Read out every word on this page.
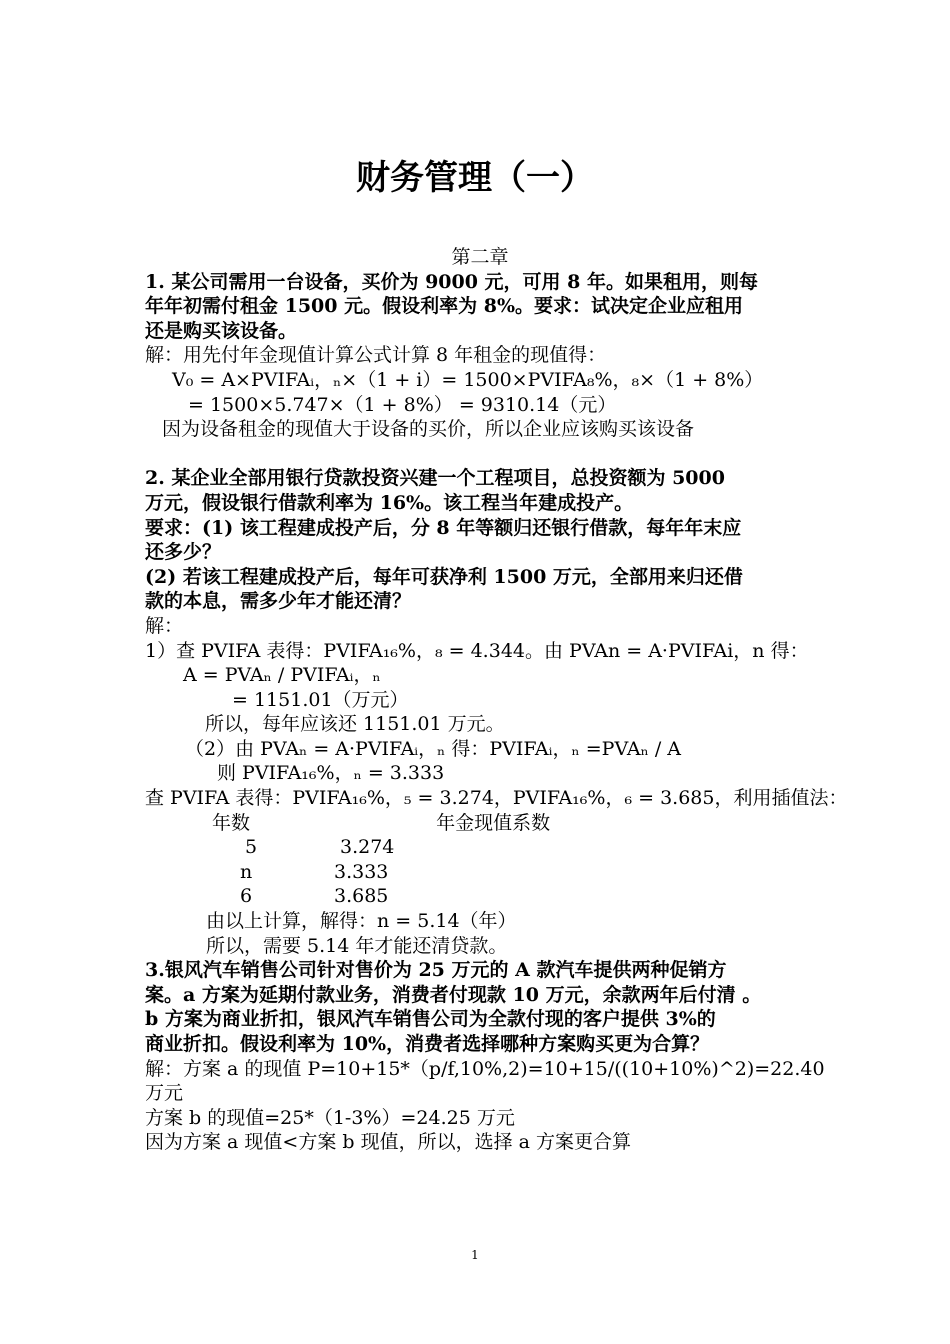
财务管理（一）
第二章
1. 某公司需用一台设备，买价为 9000 元，可用 8 年。如果租用，则每
年年初需付租金 1500 元。假设利率为 8%。要求：试决定企业应租用
还是购买该设备。
解：用先付年金现值计算公式计算 8 年租金的现值得：
V₀ = A×PVIFAᵢ，ₙ×（1 + i）= 1500×PVIFA₈%，₈×（1 + 8%）
= 1500×5.747×（1 + 8%） = 9310.14（元）
因为设备租金的现值大于设备的买价，所以企业应该购买该设备
2. 某企业全部用银行贷款投资兴建一个工程项目，总投资额为 5000
万元，假设银行借款利率为 16%。该工程当年建成投产。
要求：(1) 该工程建成投产后，分 8 年等额归还银行借款，每年年末应
还多少？
(2) 若该工程建成投产后，每年可获净利 1500 万元，全部用来归还借
款的本息，需多少年才能还清？
解：
1）查 PVIFA 表得：PVIFA₁₆%，₈ = 4.344。由 PVAn = A·PVIFAi，n 得：
A = PVAₙ / PVIFAᵢ，ₙ
= 1151.01（万元）
所以，每年应该还 1151.01 万元。
（2）由 PVAₙ = A·PVIFAᵢ，ₙ 得：PVIFAᵢ，ₙ =PVAₙ / A
则 PVIFA₁₆%，ₙ = 3.333
查 PVIFA 表得：PVIFA₁₆%，₅ = 3.274，PVIFA₁₆%，₆ = 3.685，利用插值法：
年数	年金现值系数
5	3.274
n	3.333
6	3.685
由以上计算，解得：n = 5.14（年）
所以，需要 5.14 年才能还清贷款。
3.银风汽车销售公司针对售价为 25 万元的 A 款汽车提供两种促销方
案。a 方案为延期付款业务，消费者付现款 10 万元，余款两年后付清 。
b 方案为商业折扣，银风汽车销售公司为全款付现的客户提供 3%的
商业折扣。假设利率为 10%，消费者选择哪种方案购买更为合算？
解：方案 a 的现值 P=10+15*（p/f,10%,2)=10+15/((10+10%)^2)=22.40
万元
方案 b 的现值=25*（1-3%）=24.25 万元
因为方案 a 现值<方案 b 现值，所以，选择 a 方案更合算
1
